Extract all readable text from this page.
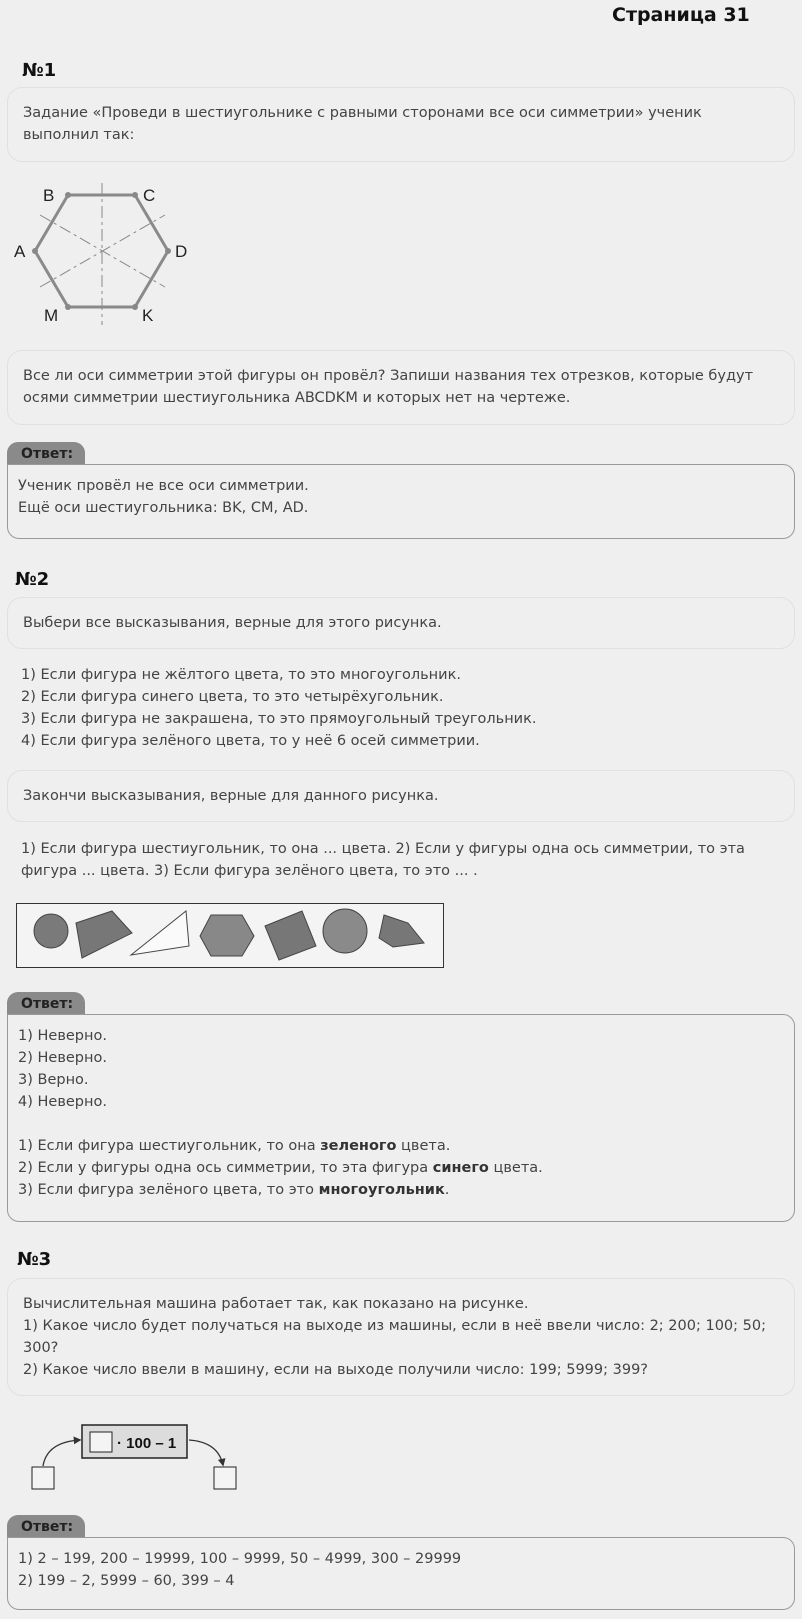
Страница 31
№1
Задание «Проведи в шестиугольнике с равными сторонами все оси симметрии» ученик выполнил так:
B	C
A	D
M	K
Все ли оси симметрии этой фигуры он провёл? Запиши названия тех отрезков, которые будут осями симметрии шестиугольника ABCDKM и которых нет на чертеже.
Ответ:
Ученик провёл не все оси симметрии.
Ещё оси шестиугольника: BK, CM, AD.
№2
Выбери все высказывания, верные для этого рисунка.
1) Если фигура не жёлтого цвета, то это многоугольник.
2) Если фигура синего цвета, то это четырёхугольник.
3) Если фигура не закрашена, то это прямоугольный треугольник.
4) Если фигура зелёного цвета, то у неё 6 осей симметрии.
Закончи высказывания, верные для данного рисунка.
1) Если фигура шестиугольник, то она ... цвета. 2) Если у фигуры одна ось симметрии, то эта фигура ... цвета. 3) Если фигура зелёного цвета, то это ... .
Ответ:
1) Неверно.
2) Неверно.
3) Верно.
4) Неверно.
1) Если фигура шестиугольник, то она зеленого цвета.
2) Если у фигуры одна ось симметрии, то эта фигура синего цвета.
3) Если фигура зелёного цвета, то это многоугольник.
№3
Вычислительная машина работает так, как показано на рисунке.
1) Какое число будет получаться на выходе из машины, если в неё ввели число: 2; 200; 100; 50; 300?
2) Какое число ввели в машину, если на выходе получили число: 199; 5999; 399?
· 100 – 1
Ответ:
1) 2 – 199, 200 – 19999, 100 – 9999, 50 – 4999, 300 – 29999
2) 199 – 2, 5999 – 60, 399 – 4
